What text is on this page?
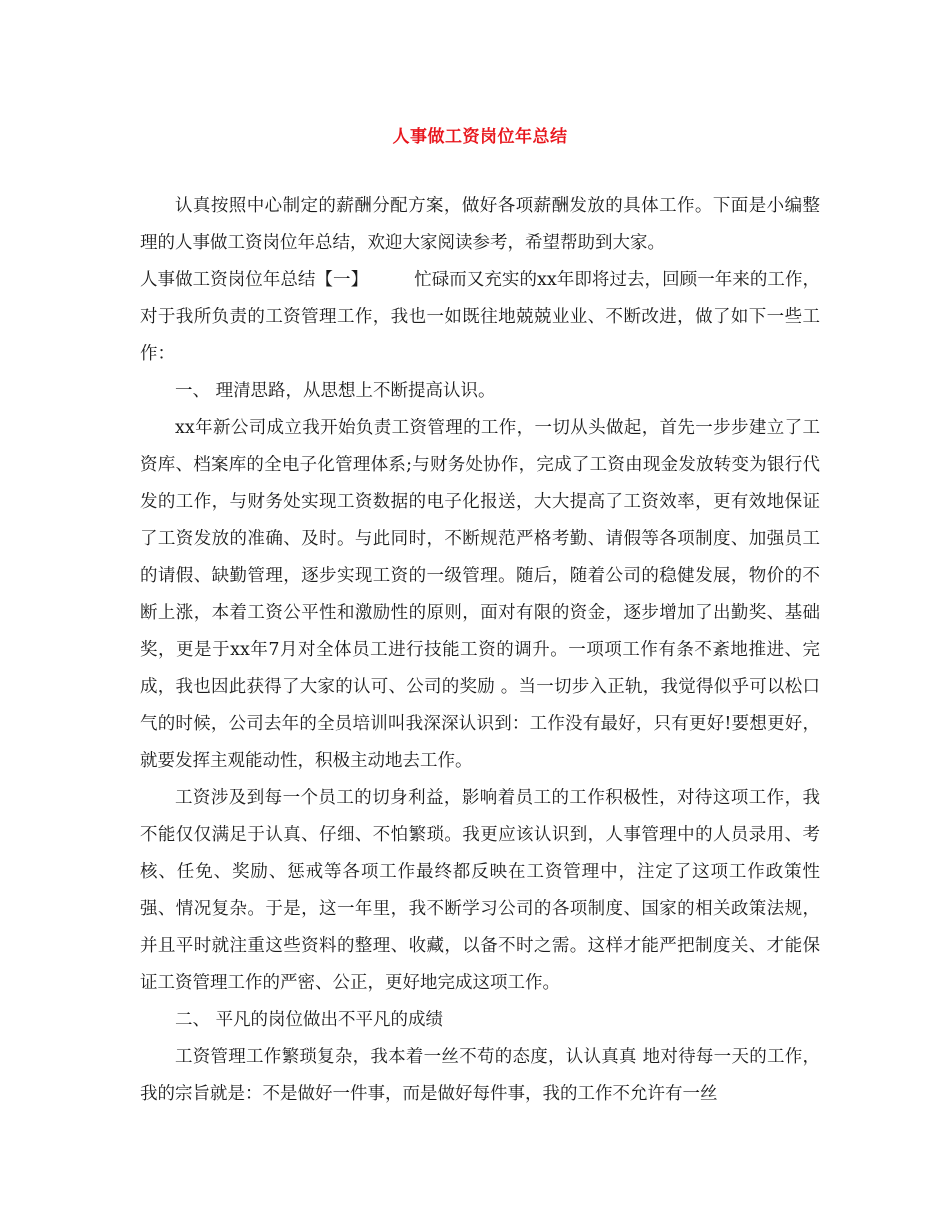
人事做工资岗位年总结

认真按照中心制定的薪酬分配方案，做好各项薪酬发放的具体工作。下面是小编整理的人事做工资岗位年总结，欢迎大家阅读参考，希望帮助到大家。

人事做工资岗位年总结【一】	忙碌而又充实的xx年即将过去，回顾一年来的工作，对于我所负责的工资管理工作，我也一如既往地兢兢业业、不断改进，做了如下一些工作：

一、 理清思路，从思想上不断提高认识。

xx年新公司成立我开始负责工资管理的工作，一切从头做起，首先一步步建立了工资库、档案库的全电子化管理体系;与财务处协作，完成了工资由现金发放转变为银行代发的工作，与财务处实现工资数据的电子化报送，大大提高了工资效率，更有效地保证了工资发放的准确、及时。与此同时，不断规范严格考勤、请假等各项制度、加强员工的请假、缺勤管理，逐步实现工资的一级管理。随后，随着公司的稳健发展，物价的不断上涨，本着工资公平性和激励性的原则，面对有限的资金，逐步增加了出勤奖、基础奖，更是于xx年7月对全体员工进行技能工资的调升。一项项工作有条不紊地推进、完成，我也因此获得了大家的认可、公司的奖励 。当一切步入正轨，我觉得似乎可以松口气的时候，公司去年的全员培训叫我深深认识到：工作没有最好，只有更好!要想更好，就要发挥主观能动性，积极主动地去工作。

工资涉及到每一个员工的切身利益，影响着员工的工作积极性，对待这项工作，我不能仅仅满足于认真、仔细、不怕繁琐。我更应该认识到，人事管理中的人员录用、考核、任免、奖励、惩戒等各项工作最终都反映在工资管理中，注定了这项工作政策性强、情况复杂。于是，这一年里，我不断学习公司的各项制度、国家的相关政策法规，并且平时就注重这些资料的整理、收藏，以备不时之需。这样才能严把制度关、才能保证工资管理工作的严密、公正，更好地完成这项工作。

二、 平凡的岗位做出不平凡的成绩

工资管理工作繁琐复杂，我本着一丝不苟的态度，认认真真 地对待每一天的工作，我的宗旨就是：不是做好一件事，而是做好每件事，我的工作不允许有一丝
